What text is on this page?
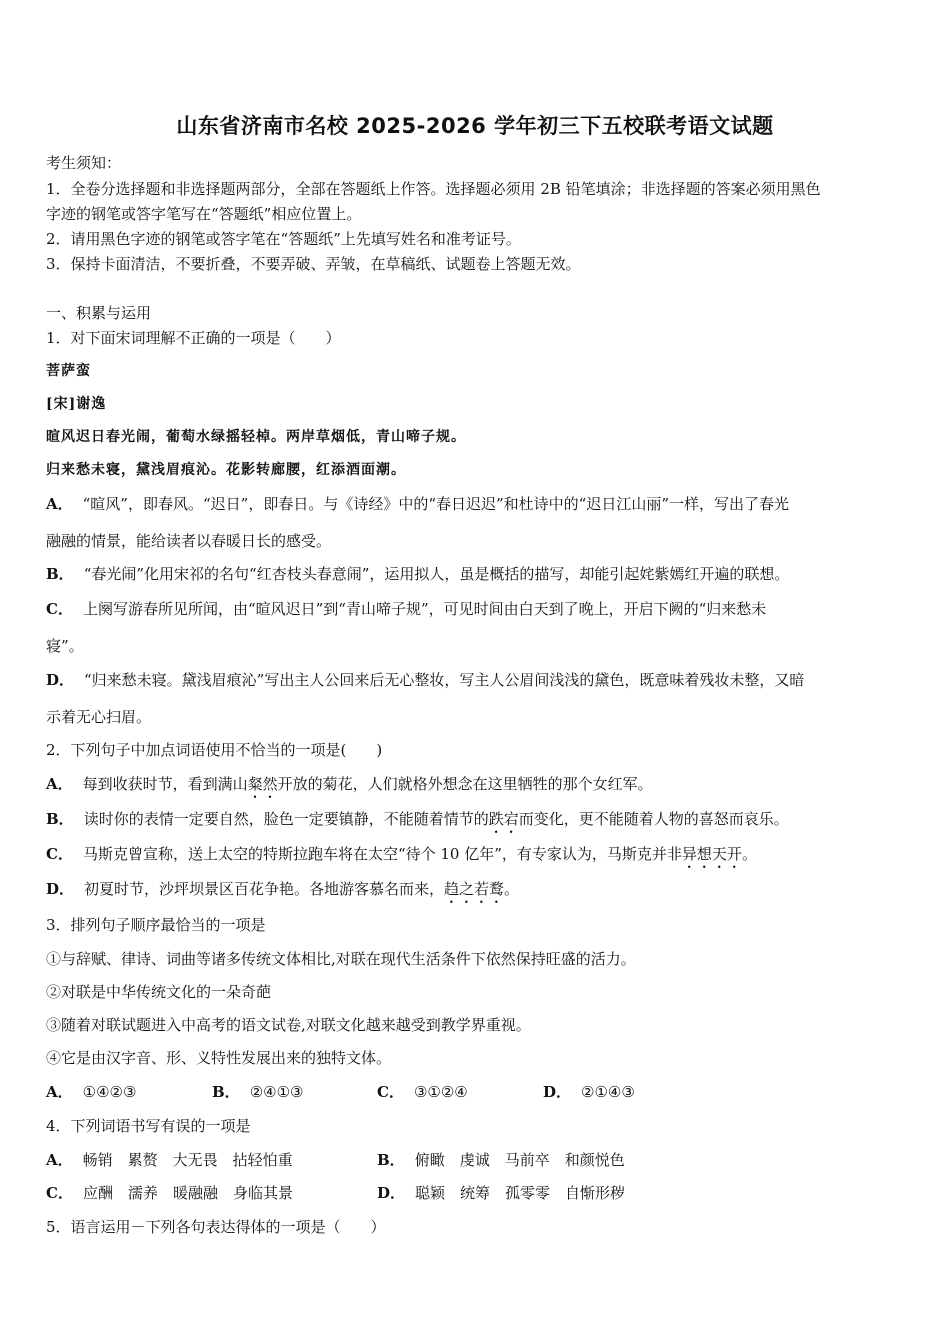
山东省济南市名校 2025-2026 学年初三下五校联考语文试题
考生须知：
1．全卷分选择题和非选择题两部分，全部在答题纸上作答。选择题必须用 2B 铅笔填涂；非选择题的答案必须用黑色
字迹的钢笔或答字笔写在“答题纸”相应位置上。
2．请用黑色字迹的钢笔或答字笔在“答题纸”上先填写姓名和准考证号。
3．保持卡面清洁，不要折叠，不要弄破、弄皱，在草稿纸、试题卷上答题无效。
一、积累与运用
1．对下面宋词理解不正确的一项是（　　）
菩萨蛮
[宋]谢逸
暄风迟日春光闹，葡萄水绿摇轻棹。两岸草烟低，青山啼子规。
归来愁未寝，黛浅眉痕沁。花影转廊腰，红添酒面潮。
A． “暄风”，即春风。“迟日”，即春日。与《诗经》中的“春日迟迟”和杜诗中的“迟日江山丽”一样，写出了春光
融融的情景，能给读者以春暖日长的感受。
B． “春光闹”化用宋祁的名句“红杏枝头春意闹”，运用拟人，虽是概括的描写，却能引起姹紫嫣红开遍的联想。
C． 上阕写游春所见所闻，由“暄风迟日”到“青山啼子规”，可见时间由白天到了晚上，开启下阙的“归来愁未
寝”。
D． “归来愁未寝。黛浅眉痕沁”写出主人公回来后无心整妆，写主人公眉间浅浅的黛色，既意味着残妆未整，又暗
示着无心扫眉。
2．下列句子中加点词语使用不恰当的一项是(　　)
A． 每到收获时节，看到满山粲然开放的菊花，人们就格外想念在这里牺牲的那个女红军。
B． 读时你的表情一定要自然，脸色一定要镇静，不能随着情节的跌宕而变化，更不能随着人物的喜怒而哀乐。
C． 马斯克曾宣称，送上太空的特斯拉跑车将在太空“待个 10 亿年”，有专家认为，马斯克并非异想天开。
D． 初夏时节，沙坪坝景区百花争艳。各地游客慕名而来，趋之若鹜。
3．排列句子顺序最恰当的一项是
①与辞赋、律诗、词曲等诸多传统文体相比,对联在现代生活条件下依然保持旺盛的活力。
②对联是中华传统文化的一朵奇葩
③随着对联试题进入中高考的语文试卷,对联文化越来越受到教学界重视。
④它是由汉字音、形、义特性发展出来的独特文体。
A． ①④②③	B． ②④①③	C． ③①②④	D． ②①④③
4．下列词语书写有误的一项是
A． 畅销　累赘　大无畏　拈轻怕重	B． 俯瞰　虔诚　马前卒　和颜悦色
C． 应酬　濡养　暖融融　身临其景	D． 聪颖　统筹　孤零零　自惭形秽
5．语言运用－下列各句表达得体的一项是（　　）
